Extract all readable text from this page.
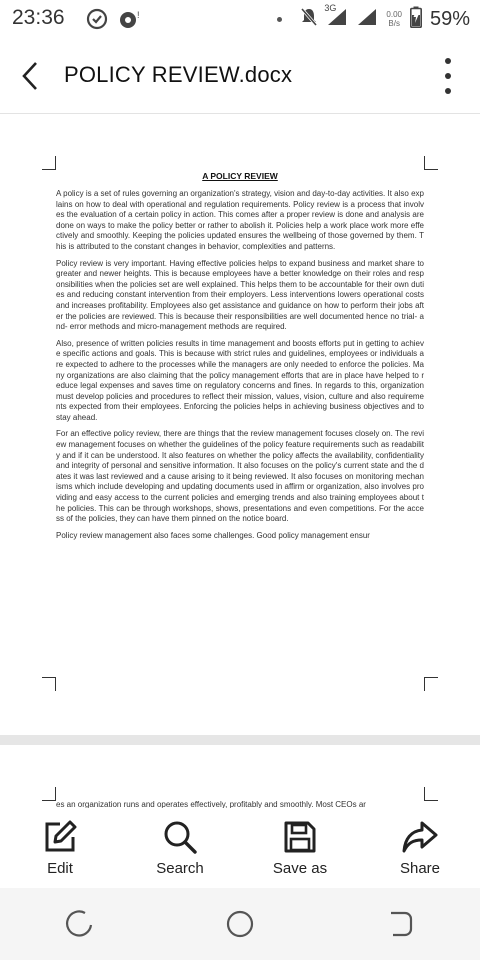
23:36	!
3G
0.00
B/s 59%
POLICY REVIEW.docx
A POLICY REVIEW

A policy is a set of rules governing an organization's strategy, vision and day-to-day activities. It also explains on how to deal with operational and regulation requirements. Policy review is a process that involves the evaluation of a certain policy in action. This comes after a proper review is done and analysis are done on ways to make the policy better or rather to abolish it. Policies help a work place work more effectively and smoothly. Keeping the policies updated ensures the wellbeing of those governed by them. This is attributed to the constant changes in behavior, complexities and patterns.

Policy review is very important. Having effective policies helps to expand business and market share to greater and newer heights. This is because employees have a better knowledge on their roles and responsibilities when the policies set are well explained. This helps them to be accountable for their own duties and reducing constant intervention from their employers. Less interventions lowers operational costs and increases profitability. Employees also get assistance and guidance on how to perform their jobs after the policies are reviewed. This is because their responsibilities are well documented hence no trial- and- error methods and micro-management methods are required.

Also, presence of written policies results in time management and boosts efforts put in getting to achieve specific actions and goals. This is because with strict rules and guidelines, employees or individuals are expected to adhere to the processes while the managers are only needed to enforce the policies. Many organizations are also claiming that the policy management efforts that are in place have helped to reduce legal expenses and saves time on regulatory concerns and fines. In regards to this, organization must develop policies and procedures to reflect their mission, values, vision, culture and also requirements expected from their employees. Enforcing the policies helps in achieving business objectives and to stay ahead.

For an effective policy review, there are things that the review management focuses closely on. The review management focuses on whether the guidelines of the policy feature requirements such as readability and if it can be understood. It also features on whether the policy affects the availability, confidentiality and integrity of personal and sensitive information. It also focuses on the policy's current state and the dates it was last reviewed and a cause arising to it being reviewed. It also focuses on monitoring mechanisms which include developing and updating documents used in affirm or organization, also involves providing and easy access to the current policies and emerging trends and also training employees about the policies. This can be through workshops, shows, presentations and even competitions. For the access of the policies, they can have them pinned on the notice board.

Policy review management also faces some challenges. Good policy management ensur

es an organization runs and operates effectively, profitably and smoothly. Most CEOs ar
Edit	Search	Save as	Share
